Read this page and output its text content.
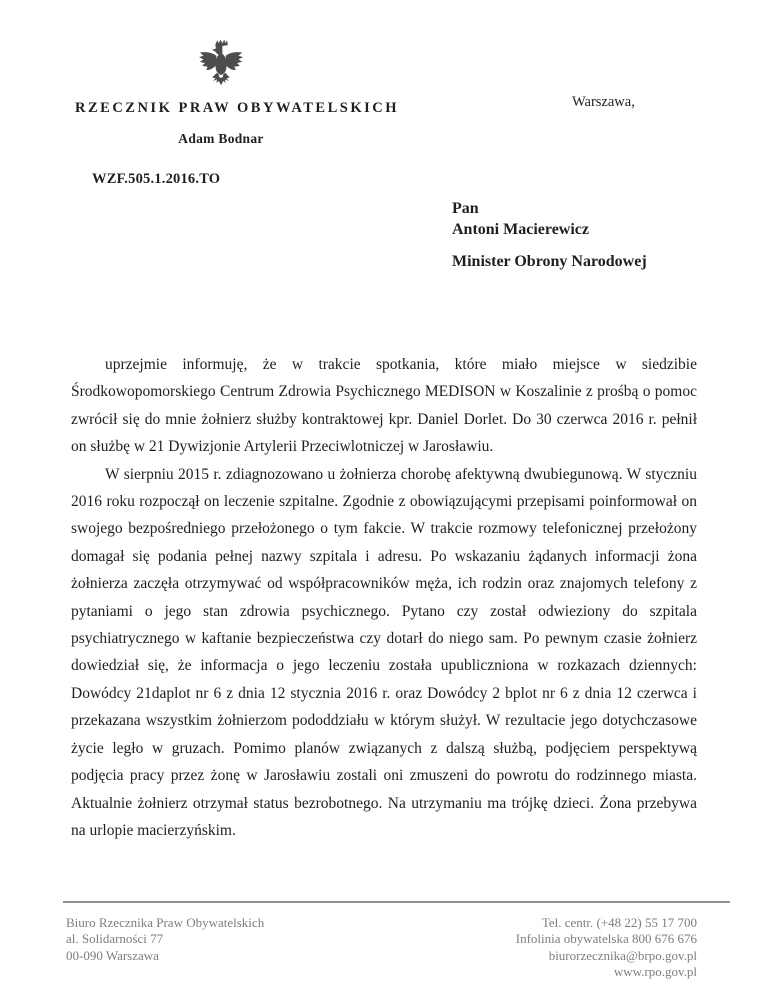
RZECZNIK PRAW OBYWATELSKICH
Adam Bodnar
Warszawa,
WZF.505.1.2016.TO
Pan
Antoni Macierewicz
Minister Obrony Narodowej

uprzejmie informuję, że w trakcie spotkania, które miało miejsce w siedzibie Środkowopomorskiego Centrum Zdrowia Psychicznego MEDISON w Koszalinie z prośbą o pomoc zwrócił się do mnie żołnierz służby kontraktowej kpr. Daniel Dorlet. Do 30 czerwca 2016 r. pełnił on służbę w 21 Dywizjonie Artylerii Przeciwlotniczej w Jarosławiu.

W sierpniu 2015 r. zdiagnozowano u żołnierza chorobę afektywną dwubiegunową. W styczniu 2016 roku rozpoczął on leczenie szpitalne. Zgodnie z obowiązującymi przepisami poinformował on swojego bezpośredniego przełożonego o tym fakcie. W trakcie rozmowy telefonicznej przełożony domagał się podania pełnej nazwy szpitala i adresu. Po wskazaniu żądanych informacji żona żołnierza zaczęła otrzymywać od współpracowników męża, ich rodzin oraz znajomych telefony z pytaniami o jego stan zdrowia psychicznego. Pytano czy został odwieziony do szpitala psychiatrycznego w kaftanie bezpieczeństwa czy dotarł do niego sam. Po pewnym czasie żołnierz dowiedział się, że informacja o jego leczeniu została upubliczniona w rozkazach dziennych: Dowódcy 21daplot nr 6 z dnia 12 stycznia 2016 r. oraz Dowódcy 2 bplot nr 6 z dnia 12 czerwca i przekazana wszystkim żołnierzom pododdziału w którym służył. W rezultacie jego dotychczasowe życie legło w gruzach. Pomimo planów związanych z dalszą służbą, podjęciem perspektywą podjęcia pracy przez żonę w Jarosławiu zostali oni zmuszeni do powrotu do rodzinnego miasta. Aktualnie żołnierz otrzymał status bezrobotnego. Na utrzymaniu ma trójkę dzieci. Żona przebywa na urlopie macierzyńskim.

Biuro Rzecznika Praw Obywatelskich
al. Solidarności 77
00-090 Warszawa
Tel. centr. (+48 22) 55 17 700
Infolinia obywatelska 800 676 676
biurorzecznika@brpo.gov.pl
www.rpo.gov.pl
